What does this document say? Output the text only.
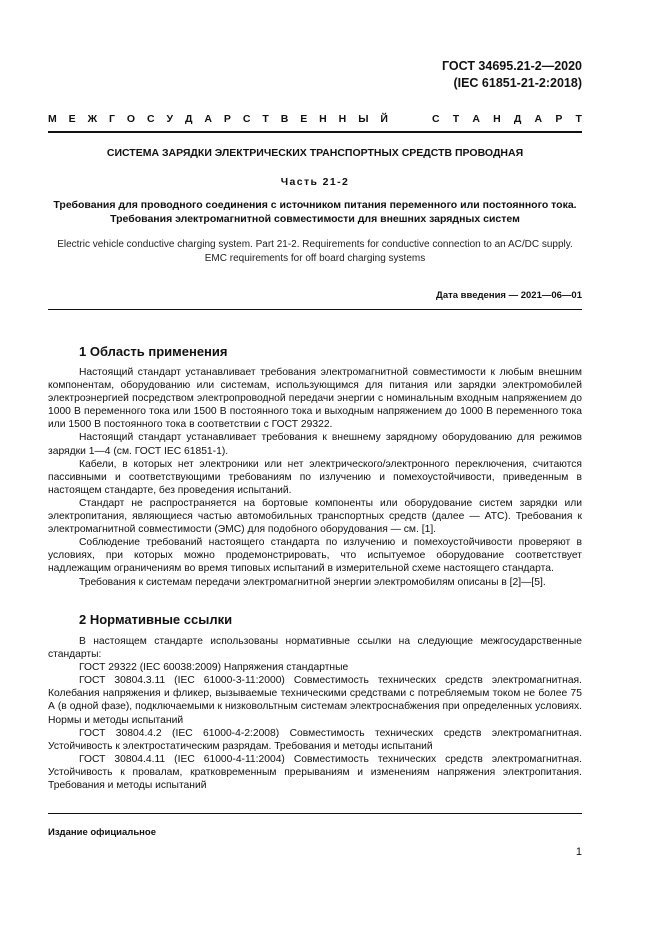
ГОСТ 34695.21-2—2020
(IEC 61851-21-2:2018)
М Е Ж Г О С У Д А Р С Т В Е Н Н Ы Й	С Т А Н Д А Р Т
СИСТЕМА ЗАРЯДКИ ЭЛЕКТРИЧЕСКИХ ТРАНСПОРТНЫХ СРЕДСТВ ПРОВОДНАЯ
Часть 21-2
Требования для проводного соединения с источником питания переменного или постоянного тока.
Требования электромагнитной совместимости для внешних зарядных систем
Electric vehicle conductive charging system. Part 21-2. Requirements for conductive connection to an AC/DC supply.
EMC requirements for off board charging systems
Дата введения — 2021—06—01
1 Область применения

Настоящий стандарт устанавливает требования электромагнитной совместимости к любым внешним компонентам, оборудованию или системам, использующимся для питания или зарядки электромобилей электроэнергией посредством электропроводной передачи энергии с номинальным входным напряжением до 1000 В переменного тока или 1500 В постоянного тока и выходным напряжением до 1000 В переменного тока или 1500 В постоянного тока в соответствии с ГОСТ 29322.

Настоящий стандарт устанавливает требования к внешнему зарядному оборудованию для режимов зарядки 1—4 (см. ГОСТ IEC 61851-1).

Кабели, в которых нет электроники или нет электрического/электронного переключения, считаются пассивными и соответствующими требованиям по излучению и помехоустойчивости, приведенным в настоящем стандарте, без проведения испытаний.

Стандарт не распространяется на бортовые компоненты или оборудование систем зарядки или электропитания, являющиеся частью автомобильных транспортных средств (далее — АТС). Требования к электромагнитной совместимости (ЭМС) для подобного оборудования — см. [1].

Соблюдение требований настоящего стандарта по излучению и помехоустойчивости проверяют в условиях, при которых можно продемонстрировать, что испытуемое оборудование соответствует надлежащим ограничениям во время типовых испытаний в измерительной схеме настоящего стандарта.

Требования к системам передачи электромагнитной энергии электромобилям описаны в [2]—[5].

2 Нормативные ссылки

В настоящем стандарте использованы нормативные ссылки на следующие межгосударственные стандарты:

ГОСТ 29322 (IEC 60038:2009) Напряжения стандартные

ГОСТ 30804.3.11 (IEC 61000-3-11:2000) Совместимость технических средств электромагнитная. Колебания напряжения и фликер, вызываемые техническими средствами с потребляемым током не более 75 А (в одной фазе), подключаемыми к низковольтным системам электроснабжения при определенных условиях. Нормы и методы испытаний

ГОСТ 30804.4.2 (IEC 61000-4-2:2008) Совместимость технических средств электромагнитная. Устойчивость к электростатическим разрядам. Требования и методы испытаний

ГОСТ 30804.4.11 (IEC 61000-4-11:2004) Совместимость технических средств электромагнитная. Устойчивость к провалам, кратковременным прерываниям и изменениям напряжения электропитания. Требования и методы испытаний

Издание официальное
1
